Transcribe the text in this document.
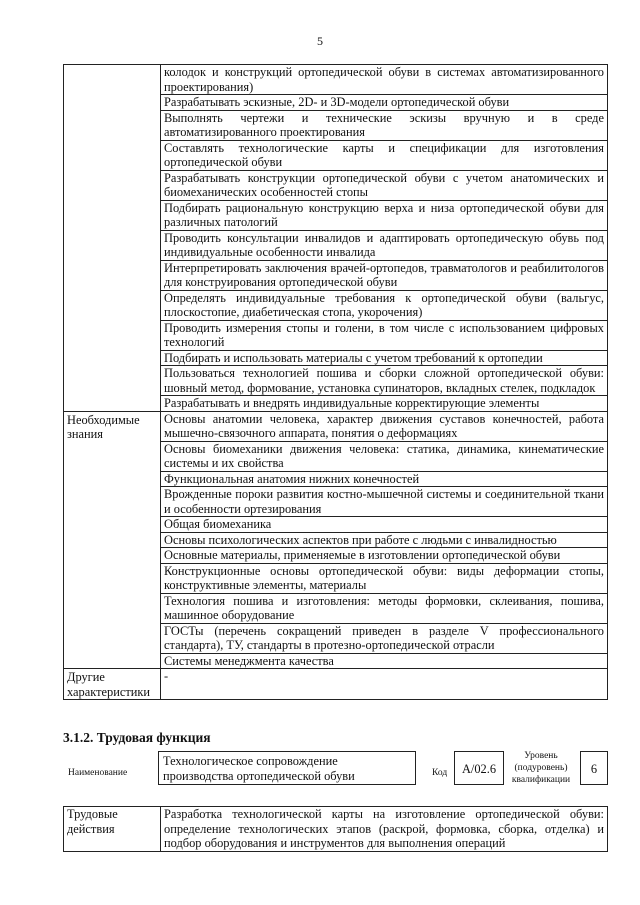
5
	колодок и конструкций ортопедической обуви в системах автоматизированного проектирования)
	Разрабатывать эскизные, 2D- и 3D-модели ортопедической обуви
	Выполнять чертежи и технические эскизы вручную и в среде автоматизированного проектирования
	Составлять технологические карты и спецификации для изготовления ортопедической обуви
	Разрабатывать конструкции ортопедической обуви с учетом анатомических и биомеханических особенностей стопы
	Подбирать рациональную конструкцию верха и низа ортопедической обуви для различных патологий
	Проводить консультации инвалидов и адаптировать ортопедическую обувь под индивидуальные особенности инвалида
	Интерпретировать заключения врачей-ортопедов, травматологов и реабилитологов для конструирования ортопедической обуви
	Определять индивидуальные требования к ортопедической обуви (вальгус, плоскостопие, диабетическая стопа, укорочения)
	Проводить измерения стопы и голени, в том числе с использованием цифровых технологий
	Подбирать и использовать материалы с учетом требований к ортопедии
	Пользоваться технологией пошива и сборки сложной ортопедической обуви: шовный метод, формование, установка супинаторов, вкладных стелек, подкладок
	Разрабатывать и внедрять индивидуальные корректирующие элементы
Необходимые знания	Основы анатомии человека, характер движения суставов конечностей, работа мышечно-связочного аппарата, понятия о деформациях
	Основы биомеханики движения человека: статика, динамика, кинематические системы и их свойства
	Функциональная анатомия нижних конечностей
	Врожденные пороки развития костно-мышечной системы и соединительной ткани и особенности ортезирования
	Общая биомеханика
	Основы психологических аспектов при работе с людьми с инвалидностью
	Основные материалы, применяемые в изготовлении ортопедической обуви
	Конструкционные основы ортопедической обуви: виды деформации стопы, конструктивные элементы, материалы
	Технология пошива и изготовления: методы формовки, склеивания, пошива, машинное оборудование
	ГОСТы (перечень сокращений приведен в разделе V профессионального стандарта), ТУ, стандарты в протезно-ортопедической отрасли
	Системы менеджмента качества
Другие характеристики	-
3.1.2. Трудовая функция
Наименование
Технологическое сопровождение производства ортопедической обуви	Код	A/02.6
Уровень (подуровень) квалификации
6
Трудовые действия	Разработка технологической карты на изготовление ортопедической обуви: определение технологических этапов (раскрой, формовка, сборка, отделка) и подбор оборудования и инструментов для выполнения операций
